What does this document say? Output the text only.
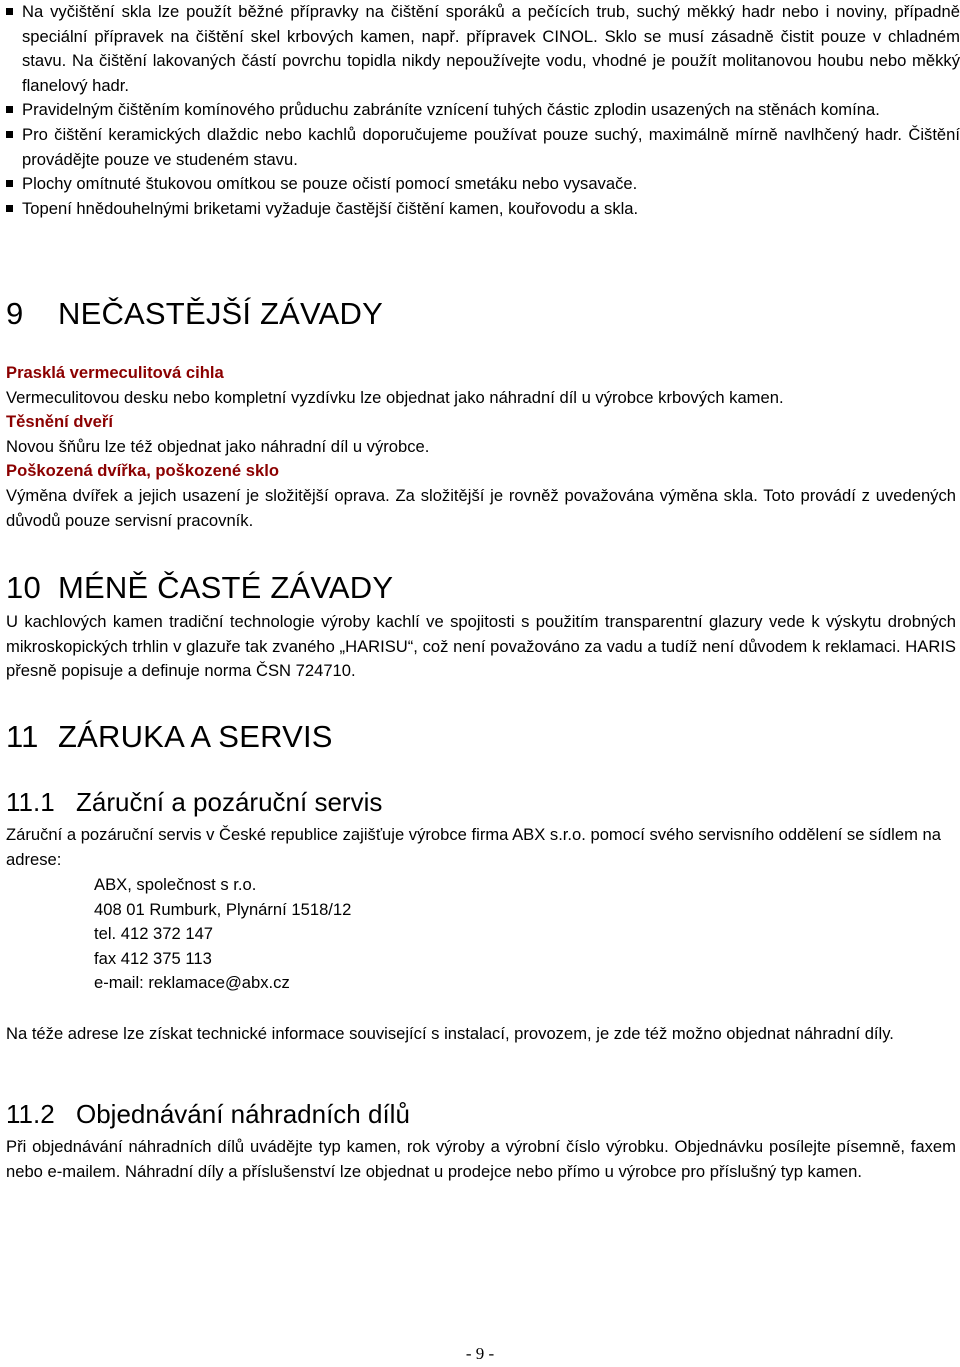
Na vyčištění skla lze použít běžné přípravky na čištění sporáků a pečících trub, suchý měkký hadr nebo i noviny, případně speciální přípravek na čištění skel krbových kamen, např. přípravek CINOL. Sklo se musí zásadně čistit pouze v chladném stavu. Na čištění lakovaných částí povrchu topidla nikdy nepoužívejte vodu, vhodné je použít molitanovou houbu nebo měkký flanelový hadr.
Pravidelným čištěním komínového průduchu zabráníte vznícení tuhých částic zplodin usazených na stěnách komína.
Pro čištění keramických dlaždic nebo kachlů doporučujeme používat pouze suchý, maximálně mírně navlhčený hadr. Čištění provádějte pouze ve studeném stavu.
Plochy omítnuté štukovou omítkou se pouze očistí pomocí smetáku nebo vysavače.
Topení hnědouhelnými briketami vyžaduje častější čištění kamen, kouřovodu a skla.
9 NEČASTĚJŠÍ ZÁVADY
Prasklá vermeculitová cihla
Vermeculitovou desku nebo kompletní vyzdívku lze objednat jako náhradní díl u výrobce krbových kamen.
Těsnění dveří
Novou šňůru lze též objednat jako náhradní díl u výrobce.
Poškozená dvířka, poškozené sklo
Výměna dvířek a jejich usazení je složitější oprava. Za složitější je rovněž považována výměna skla. Toto provádí z uvedených důvodů pouze servisní pracovník.
10 MÉNĚ ČASTÉ ZÁVADY
U kachlových kamen tradiční technologie výroby kachlí ve spojitosti s použitím transparentní glazury vede k výskytu drobných mikroskopických trhlin v glazuře tak zvaného „HARISU“, což není považováno za vadu a tudíž není důvodem k reklamaci. HARIS přesně popisuje a definuje norma ČSN 724710.
11 ZÁRUKA A SERVIS
11.1 Záruční a pozáruční servis
Záruční a pozáruční servis v České republice zajišťuje výrobce firma ABX s.r.o. pomocí svého servisního oddělení se sídlem na adrese:
ABX, společnost s r.o.
408 01 Rumburk, Plynární 1518/12
tel. 412 372 147
fax 412 375 113
e-mail: reklamace@abx.cz
Na téže adrese lze získat technické informace související s instalací, provozem, je zde též možno objednat náhradní díly.
11.2 Objednávání náhradních dílů
Při objednávání náhradních dílů uvádějte typ kamen, rok výroby a výrobní číslo výrobku. Objednávku posílejte písemně, faxem nebo e-mailem. Náhradní díly a příslušenství lze objednat u prodejce nebo přímo u výrobce pro příslušný typ kamen.
- 9 -
